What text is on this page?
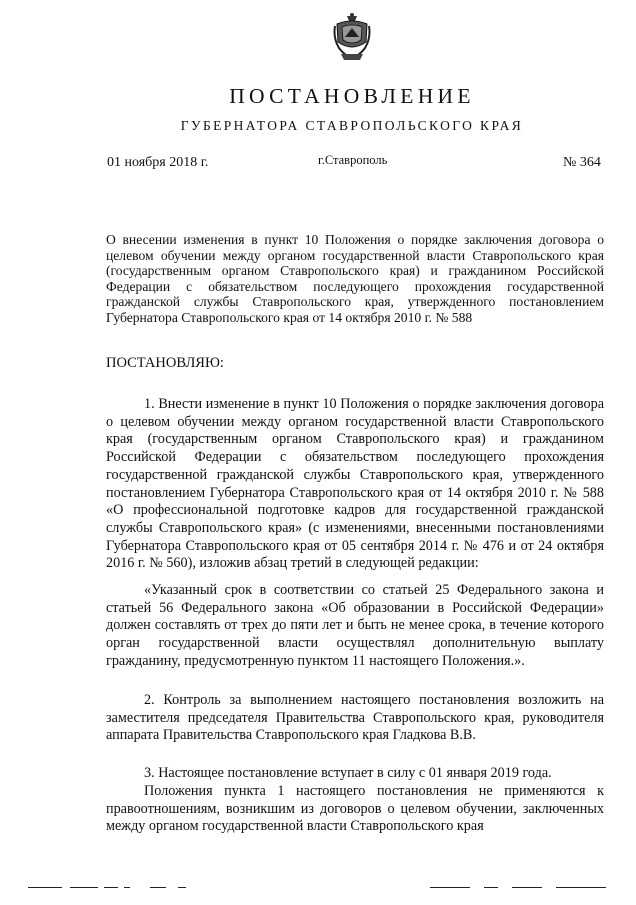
ПОСТАНОВЛЕНИЕ
ГУБЕРНАТОРА СТАВРОПОЛЬСКОГО КРАЯ
01 ноября 2018 г.	г.Ставрополь	№ 364
О внесении изменения в пункт 10 Положения о порядке заключения договора о целевом обучении между органом государственной власти Ставропольского края (государственным органом Ставропольского края) и гражданином Российской Федерации с обязательством последующего прохождения государственной гражданской службы Ставропольского края, утвержденного постановлением Губернатора Ставропольского края от 14 октября 2010 г. № 588
ПОСТАНОВЛЯЮ:
1. Внести изменение в пункт 10 Положения о порядке заключения договора о целевом обучении между органом государственной власти Ставропольского края (государственным органом Ставропольского края) и гражданином Российской Федерации с обязательством последующего прохождения государственной гражданской службы Ставропольского края, утвержденного постановлением Губернатора Ставропольского края от 14 октября 2010 г. № 588 «О профессиональной подготовке кадров для государственной гражданской службы Ставропольского края» (с изменениями, внесенными постановлениями Губернатора Ставропольского края от 05 сентября 2014 г. № 476 и от 24 октября 2016 г. № 560), изложив абзац третий в следующей редакции:
«Указанный срок в соответствии со статьей 25 Федерального закона и статьей 56 Федерального закона «Об образовании в Российской Федерации» должен составлять от трех до пяти лет и быть не менее срока, в течение которого орган государственной власти осуществлял дополнительную выплату гражданину, предусмотренную пунктом 11 настоящего Положения.».
2. Контроль за выполнением настоящего постановления возложить на заместителя председателя Правительства Ставропольского края, руководителя аппарата Правительства Ставропольского края Гладкова В.В.
3. Настоящее постановление вступает в силу с 01 января 2019 года.
Положения пункта 1 настоящего постановления не применяются к правоотношениям, возникшим из договоров о целевом обучении, заключенных между органом государственной власти Ставропольского края
